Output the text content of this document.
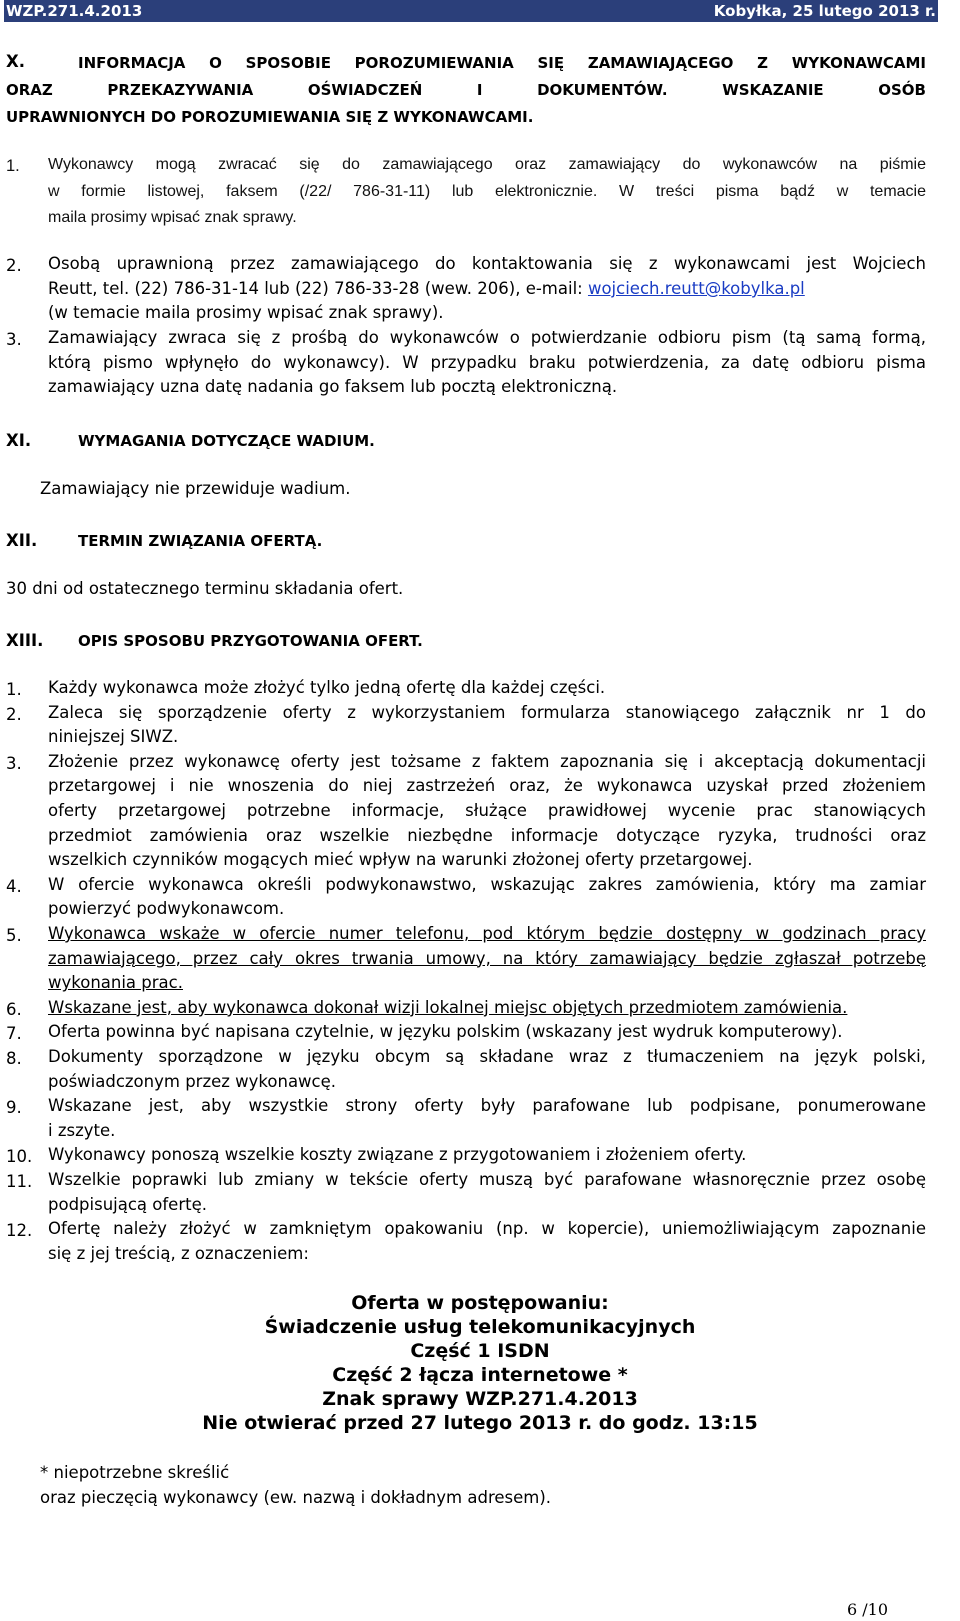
WZP.271.4.2013	Kobyłka, 25 lutego 2013 r.
X.	INFORMACJA O SPOSOBIE POROZUMIEWANIA SIĘ ZAMAWIAJĄCEGO Z WYKONAWCAMI
ORAZ PRZEKAZYWANIA OŚWIADCZEŃ I DOKUMENTÓW. WSKAZANIE OSÓB
UPRAWNIONYCH DO POROZUMIEWANIA SIĘ Z WYKONAWCAMI.
1. Wykonawcy mogą zwracać się do zamawiającego oraz zamawiający do wykonawców na piśmie
w formie listowej, faksem (/22/ 786-31-11) lub elektronicznie. W treści pisma bądź w temacie
maila prosimy wpisać znak sprawy.
2. Osobą uprawnioną przez zamawiającego do kontaktowania się z wykonawcami jest Wojciech
Reutt, tel. (22) 786-31-14 lub (22) 786-33-28 (wew. 206), e-mail: wojciech.reutt@kobylka.pl
(w temacie maila prosimy wpisać znak sprawy).
3. Zamawiający zwraca się z prośbą do wykonawców o potwierdzanie odbioru pism (tą samą formą,
którą pismo wpłynęło do wykonawcy). W przypadku braku potwierdzenia, za datę odbioru pisma
zamawiający uzna datę nadania go faksem lub pocztą elektroniczną.
XI.	WYMAGANIA DOTYCZĄCE WADIUM.
Zamawiający nie przewiduje wadium.
XII.	TERMIN ZWIĄZANIA OFERTĄ.
30 dni od ostatecznego terminu składania ofert.
XIII. OPIS SPOSOBU PRZYGOTOWANIA OFERT.
1. Każdy wykonawca może złożyć tylko jedną ofertę dla każdej części.
2. Zaleca się sporządzenie oferty z wykorzystaniem formularza stanowiącego załącznik nr 1 do
niniejszej SIWZ.
3. Złożenie przez wykonawcę oferty jest tożsame z faktem zapoznania się i akceptacją dokumentacji
przetargowej i nie wnoszenia do niej zastrzeżeń oraz, że wykonawca uzyskał przed złożeniem
oferty przetargowej potrzebne informacje, służące prawidłowej wycenie prac stanowiących
przedmiot zamówienia oraz wszelkie niezbędne informacje dotyczące ryzyka, trudności oraz
wszelkich czynników mogących mieć wpływ na warunki złożonej oferty przetargowej.
4. W ofercie wykonawca określi podwykonawstwo, wskazując zakres zamówienia, który ma zamiar
powierzyć podwykonawcom.
5. Wykonawca wskaże w ofercie numer telefonu, pod którym będzie dostępny w godzinach pracy
zamawiającego, przez cały okres trwania umowy, na który zamawiający będzie zgłaszał potrzebę
wykonania prac.
6. Wskazane jest, aby wykonawca dokonał wizji lokalnej miejsc objętych przedmiotem zamówienia.
7. Oferta powinna być napisana czytelnie, w języku polskim (wskazany jest wydruk komputerowy).
8. Dokumenty sporządzone w języku obcym są składane wraz z tłumaczeniem na język polski,
poświadczonym przez wykonawcę.
9. Wskazane jest, aby wszystkie strony oferty były parafowane lub podpisane, ponumerowane
i zszyte.
10. Wykonawcy ponoszą wszelkie koszty związane z przygotowaniem i złożeniem oferty.
11. Wszelkie poprawki lub zmiany w tekście oferty muszą być parafowane własnoręcznie przez osobę
podpisującą ofertę.
12. Ofertę należy złożyć w zamkniętym opakowaniu (np. w kopercie), uniemożliwiającym zapoznanie
się z jej treścią, z oznaczeniem:
Oferta w postępowaniu:
Świadczenie usług telekomunikacyjnych
Część 1 ISDN
Część 2 łącza internetowe *
Znak sprawy WZP.271.4.2013
Nie otwierać przed 27 lutego 2013 r. do godz. 13:15
* niepotrzebne skreślić
oraz pieczęcią wykonawcy (ew. nazwą i dokładnym adresem).
6 /10
